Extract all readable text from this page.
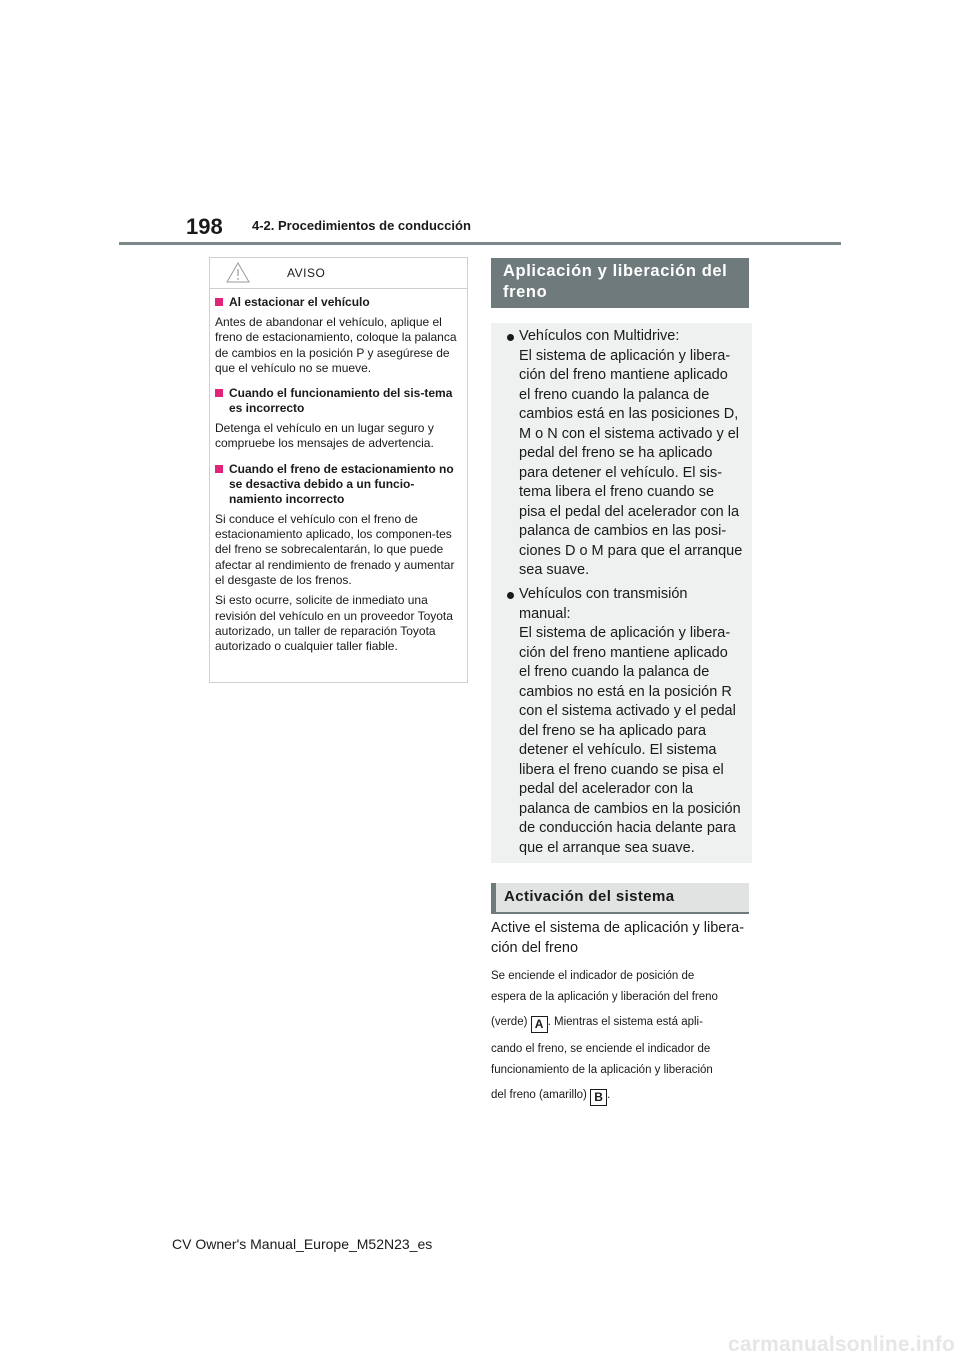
198 4-2. Procedimientos de conducción
AVISO
Al estacionar el vehículo
Antes de abandonar el vehículo, aplique el freno de estacionamiento, coloque la palanca de cambios en la posición P y asegúrese de que el vehículo no se mueve.
Cuando el funcionamiento del sis-tema es incorrecto
Detenga el vehículo en un lugar seguro y compruebe los mensajes de advertencia.
Cuando el freno de estacionamiento no se desactiva debido a un funcio-namiento incorrecto
Si conduce el vehículo con el freno de estacionamiento aplicado, los componen-tes del freno se sobrecalentarán, lo que puede afectar al rendimiento de frenado y aumentar el desgaste de los frenos.
Si esto ocurre, solicite de inmediato una revisión del vehículo en un proveedor Toyota autorizado, un taller de reparación Toyota autorizado o cualquier taller fiable.
Aplicación y liberación del freno
Vehículos con Multidrive:
El sistema de aplicación y libera-
ción del freno mantiene aplicado
el freno cuando la palanca de
cambios está en las posiciones D,
M o N con el sistema activado y el
pedal del freno se ha aplicado
para detener el vehículo. El sis-
tema libera el freno cuando se
pisa el pedal del acelerador con la
palanca de cambios en las posi-
ciones D o M para que el arranque
sea suave.
Vehículos con transmisión
manual:
El sistema de aplicación y libera-
ción del freno mantiene aplicado
el freno cuando la palanca de
cambios no está en la posición R
con el sistema activado y el pedal
del freno se ha aplicado para
detener el vehículo. El sistema
libera el freno cuando se pisa el
pedal del acelerador con la
palanca de cambios en la posición
de conducción hacia delante para
que el arranque sea suave.
Activación del sistema
Active el sistema de aplicación y libera-
ción del freno
Se enciende el indicador de posición de
espera de la aplicación y liberación del freno
(verde) A . Mientras el sistema está apli-
cando el freno, se enciende el indicador de
funcionamiento de la aplicación y liberación
del freno (amarillo) B .
CV Owner's Manual_Europe_M52N23_es
carmanualsonline.info
